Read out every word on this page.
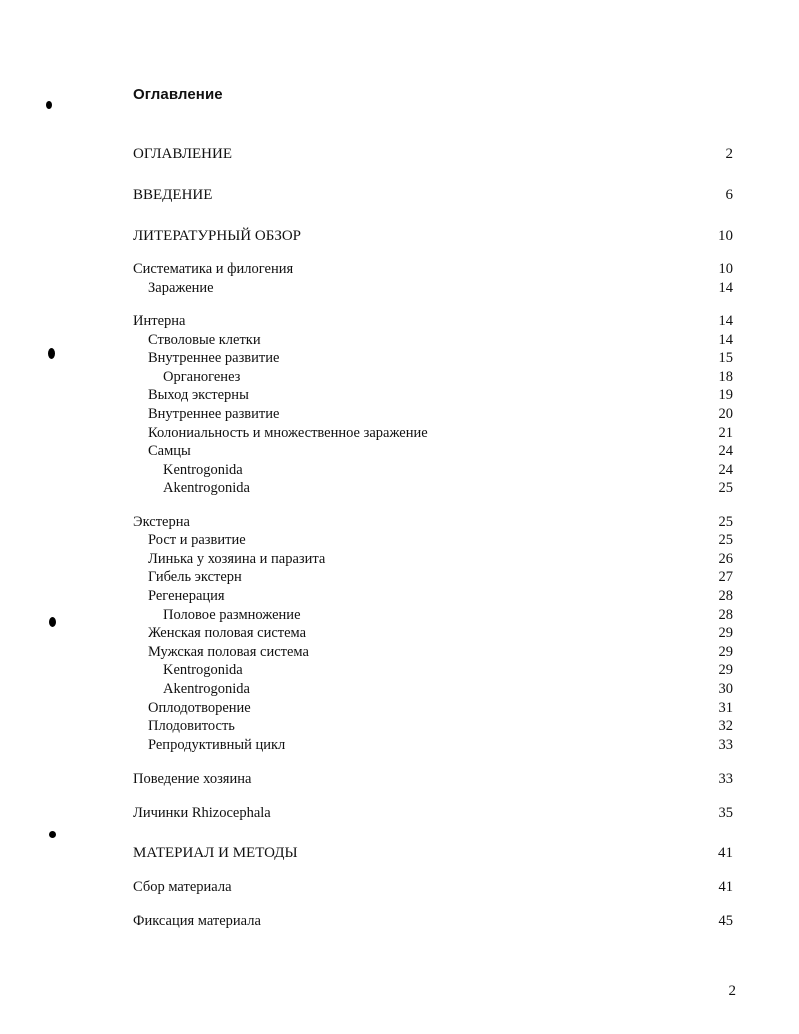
Оглавление
ОГЛАВЛЕНИЕ	2
ВВЕДЕНИЕ	6
ЛИТЕРАТУРНЫЙ ОБЗОР	10
Систематика и филогения	10
Заражение	14
Интерна	14
Стволовые клетки	14
Внутреннее развитие	15
Органогенез	18
Выход экстерны	19
Внутреннее развитие	20
Колониальность и множественное заражение	21
Самцы	24
Kentrogonida	24
Akentrogonida	25
Экстерна	25
Рост и развитие	25
Линька у хозяина и паразита	26
Гибель экстерн	27
Регенерация	28
Половое размножение	28
Женская половая система	29
Мужская половая система	29
Kentrogonida	29
Akentrogonida	30
Оплодотворение	31
Плодовитость	32
Репродуктивный цикл	33
Поведение хозяина	33
Личинки Rhizocephala	35
МАТЕРИАЛ И МЕТОДЫ	41
Сбор материала	41
Фиксация материала	45
2
